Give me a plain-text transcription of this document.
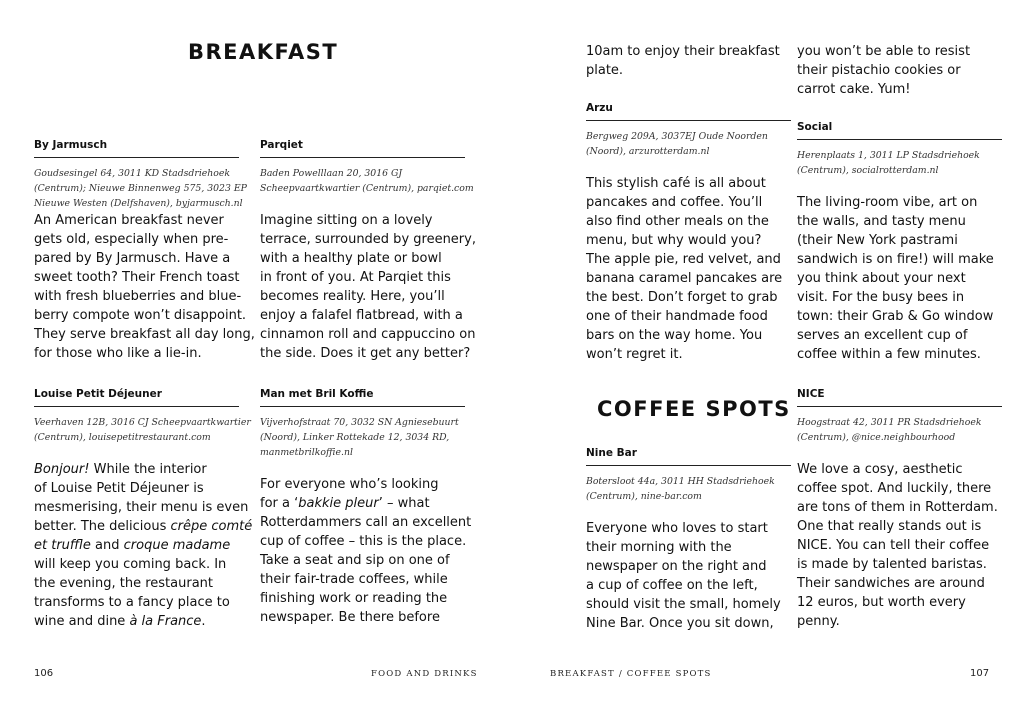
BREAKFAST
By Jarmusch
Goudsesingel 64, 3011 KD Stadsdriehoek
(Centrum); Nieuwe Binnenweg 575, 3023 EP
Nieuwe Westen (Delfshaven), byjarmusch.nl
An American breakfast never
gets old, especially when pre-
pared by By Jarmusch. Have a
sweet tooth? Their French toast
with fresh blueberries and blue-
berry compote won’t disappoint.
They serve breakfast all day long,
for those who like a lie-in.
Parqiet
Baden Powelllaan 20, 3016 GJ
Scheepvaartkwartier (Centrum), parqiet.com
Imagine sitting on a lovely
terrace, surrounded by greenery,
with a healthy plate or bowl
in front of you. At Parqiet this
becomes reality. Here, you’ll
enjoy a falafel flatbread, with a
cinnamon roll and cappuccino on
the side. Does it get any better?
Louise Petit Déjeuner
Veerhaven 12B, 3016 CJ Scheepvaartkwartier
(Centrum), louisepetitrestaurant.com
Bonjour! While the interior
of Louise Petit Déjeuner is
mesmerising, their menu is even
better. The delicious crêpe comté
et truffle and croque madame
will keep you coming back. In
the evening, the restaurant
transforms to a fancy place to
wine and dine à la France.
Man met Bril Koffie
Vijverhofstraat 70, 3032 SN Agniesebuurt
(Noord), Linker Rottekade 12, 3034 RD,
manmetbrilkoffie.nl
For everyone who’s looking
for a ‘bakkie pleur’ – what
Rotterdammers call an excellent
cup of coffee – this is the place.
Take a seat and sip on one of
their fair-trade coffees, while
finishing work or reading the
newspaper. Be there before
106	FOOD AND DRINKS
10am to enjoy their breakfast
plate.
you won’t be able to resist
their pistachio cookies or
carrot cake. Yum!
Arzu
Bergweg 209A, 3037EJ Oude Noorden
(Noord), arzurotterdam.nl
This stylish café is all about
pancakes and coffee. You’ll
also find other meals on the
menu, but why would you?
The apple pie, red velvet, and
banana caramel pancakes are
the best. Don’t forget to grab
one of their handmade food
bars on the way home. You
won’t regret it.
Social
Herenplaats 1, 3011 LP Stadsdriehoek
(Centrum), socialrotterdam.nl
The living-room vibe, art on
the walls, and tasty menu
(their New York pastrami
sandwich is on fire!) will make
you think about your next
visit. For the busy bees in
town: their Grab & Go window
serves an excellent cup of
coffee within a few minutes.
COFFEE SPOTS
Nine Bar
Botersloot 44a, 3011 HH Stadsdriehoek
(Centrum), nine-bar.com
Everyone who loves to start
their morning with the
newspaper on the right and
a cup of coffee on the left,
should visit the small, homely
Nine Bar. Once you sit down,
NICE
Hoogstraat 42, 3011 PR Stadsdriehoek
(Centrum), @nice.neighbourhood
We love a cosy, aesthetic
coffee spot. And luckily, there
are tons of them in Rotterdam.
One that really stands out is
NICE. You can tell their coffee
is made by talented baristas.
Their sandwiches are around
12 euros, but worth every
penny.
BREAKFAST / COFFEE SPOTS	107
